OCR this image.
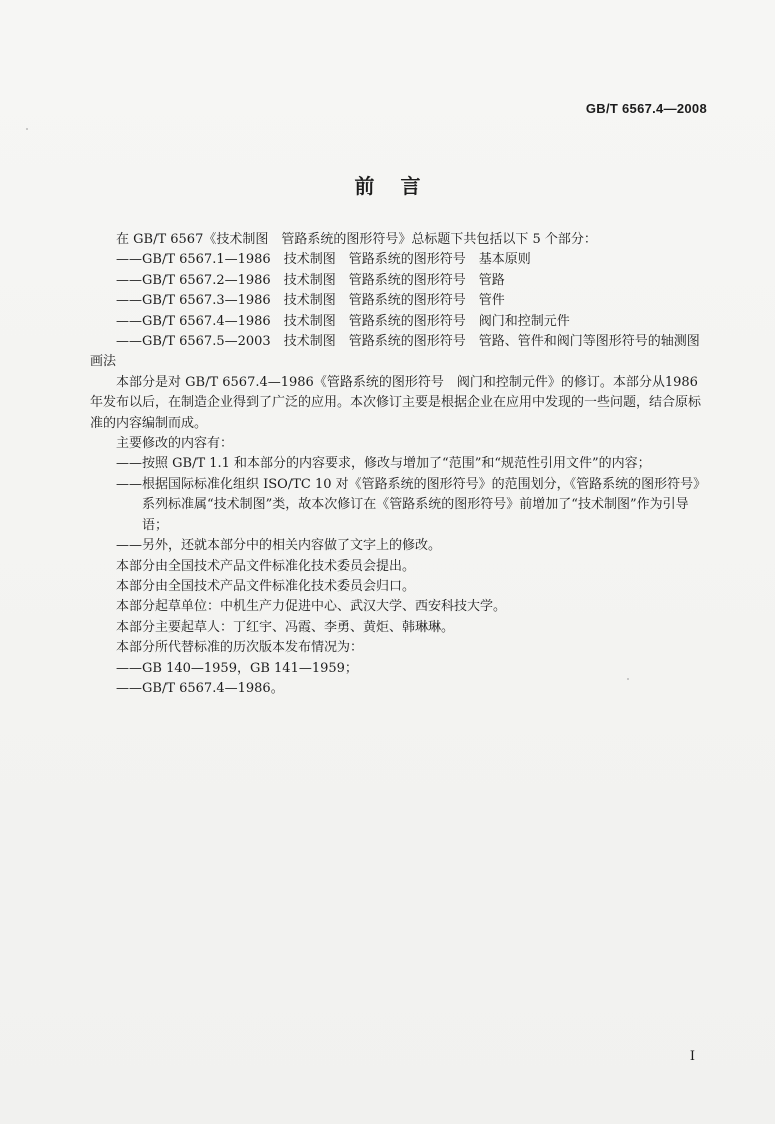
GB/T 6567.4—2008
前言

在 GB/T 6567《技术制图　管路系统的图形符号》总标题下共包括以下 5 个部分：

——GB/T 6567.1—1986　技术制图　管路系统的图形符号　基本原则

——GB/T 6567.2—1986　技术制图　管路系统的图形符号　管路

——GB/T 6567.3—1986　技术制图　管路系统的图形符号　管件

——GB/T 6567.4—1986　技术制图　管路系统的图形符号　阀门和控制元件

——GB/T 6567.5—2003　技术制图　管路系统的图形符号　管路、管件和阀门等图形符号的轴测图画法

本部分是对 GB/T 6567.4—1986《管路系统的图形符号　阀门和控制元件》的修订。本部分从1986 年发布以后，在制造企业得到了广泛的应用。本次修订主要是根据企业在应用中发现的一些问题，结合原标准的内容编制而成。

主要修改的内容有：

——按照 GB/T 1.1 和本部分的内容要求，修改与增加了“范围”和“规范性引用文件”的内容；

——根据国际标准化组织 ISO/TC 10 对《管路系统的图形符号》的范围划分，《管路系统的图形符号》系列标准属“技术制图”类，故本次修订在《管路系统的图形符号》前增加了“技术制图”作为引导语；

——另外，还就本部分中的相关内容做了文字上的修改。

本部分由全国技术产品文件标准化技术委员会提出。

本部分由全国技术产品文件标准化技术委员会归口。

本部分起草单位：中机生产力促进中心、武汉大学、西安科技大学。

本部分主要起草人：丁红宇、冯霞、李勇、黄炬、韩琳琳。

本部分所代替标准的历次版本发布情况为：

——GB 140—1959，GB 141—1959；

——GB/T 6567.4—1986。

I
